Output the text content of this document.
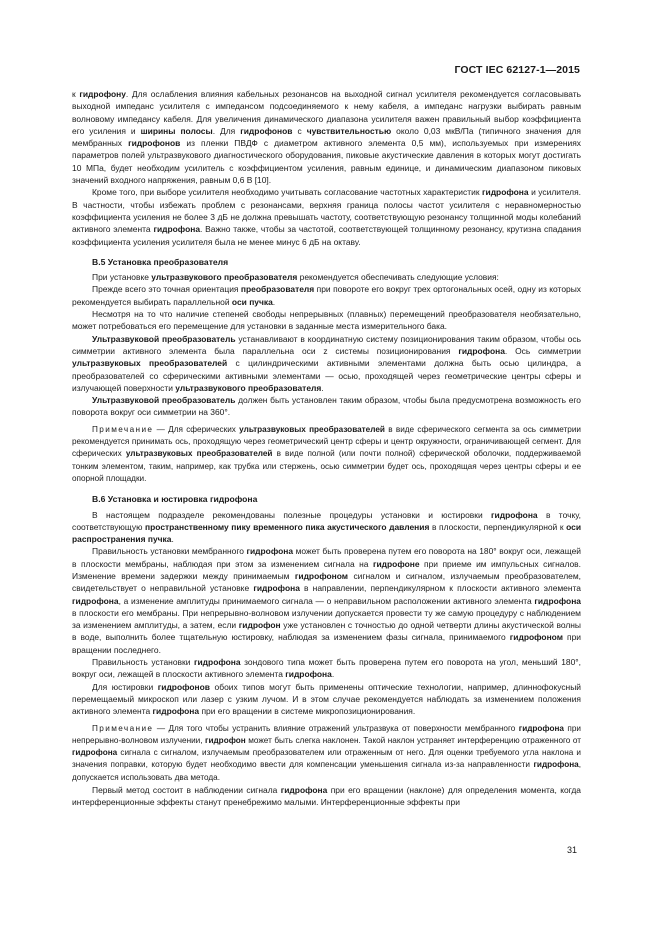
ГОСТ IEC 62127-1—2015

к гидрофону. Для ослабления влияния кабельных резонансов на выходной сигнал усилителя рекомендуется согласовывать выходной импеданс усилителя с импедансом подсоединяемого к нему кабеля, а импеданс нагрузки выбирать равным волновому импедансу кабеля. Для увеличения динамического диапазона усилителя важен правильный выбор коэффициента его усиления и ширины полосы. Для гидрофонов с чувствительностью около 0,03 мкВ/Па (типичного значения для мембранных гидрофонов из пленки ПВДФ с диаметром активного элемента 0,5 мм), используемых при измерениях параметров полей ультразвукового диагностического оборудования, пиковые акустические давления в которых могут достигать 10 МПа, будет необходим усилитель с коэффициентом усиления, равным единице, и динамическим диапазоном пиковых значений входного напряжения, равным 0,6 В [10].

Кроме того, при выборе усилителя необходимо учитывать согласование частотных характеристик гидрофона и усилителя. В частности, чтобы избежать проблем с резонансами, верхняя граница полосы частот усилителя с неравномерностью коэффициента усиления не более 3 дБ не должна превышать частоту, соответствующую резонансу толщинной моды колебаний активного элемента гидрофона. Важно также, чтобы за частотой, соответствующей толщинному резонансу, крутизна спадания коэффициента усиления усилителя была не менее минус 6 дБ на октаву.

В.5 Установка преобразователя

При установке ультразвукового преобразователя рекомендуется обеспечивать следующие условия:

Прежде всего это точная ориентация преобразователя при повороте его вокруг трех ортогональных осей, одну из которых рекомендуется выбирать параллельной оси пучка.

Несмотря на то что наличие степеней свободы непрерывных (плавных) перемещений преобразователя необязательно, может потребоваться его перемещение для установки в заданные места измерительного бака.

Ультразвуковой преобразователь устанавливают в координатную систему позиционирования таким образом, чтобы ось симметрии активного элемента была параллельна оси z системы позиционирования гидрофона. Ось симметрии ультразвуковых преобразователей с цилиндрическими активными элементами должна быть осью цилиндра, а преобразователей со сферическими активными элементами — осью, проходящей через геометрические центры сферы и излучающей поверхности ультразвукового преобразователя.

Ультразвуковой преобразователь должен быть установлен таким образом, чтобы была предусмотрена возможность его поворота вокруг оси симметрии на 360°.

Примечание — Для сферических ультразвуковых преобразователей в виде сферического сегмента за ось симметрии рекомендуется принимать ось, проходящую через геометрический центр сферы и центр окружности, ограничивающей сегмент. Для сферических ультразвуковых преобразователей в виде полной (или почти полной) сферической оболочки, поддерживаемой тонким элементом, таким, например, как трубка или стержень, осью симметрии будет ось, проходящая через центры сферы и ее опорной площадки.

В.6 Установка и юстировка гидрофона

В настоящем подразделе рекомендованы полезные процедуры установки и юстировки гидрофона в точку, соответствующую пространственному пику временного пика акустического давления в плоскости, перпендикулярной к оси распространения пучка.

Правильность установки мембранного гидрофона может быть проверена путем его поворота на 180° вокруг оси, лежащей в плоскости мембраны, наблюдая при этом за изменением сигнала на гидрофоне при приеме им импульсных сигналов. Изменение времени задержки между принимаемым гидрофоном сигналом и сигналом, излучаемым преобразователем, свидетельствует о неправильной установке гидрофона в направлении, перпендикулярном к плоскости активного элемента гидрофона, а изменение амплитуды принимаемого сигнала — о неправильном расположении активного элемента гидрофона в плоскости его мембраны. При непрерывно-волновом излучении допускается провести ту же самую процедуру с наблюдением за изменением амплитуды, а затем, если гидрофон уже установлен с точностью до одной четверти длины акустической волны в воде, выполнить более тщательную юстировку, наблюдая за изменением фазы сигнала, принимаемого гидрофоном при вращении последнего.

Правильность установки гидрофона зондового типа может быть проверена путем его поворота на угол, меньший 180°, вокруг оси, лежащей в плоскости активного элемента гидрофона.

Для юстировки гидрофонов обоих типов могут быть применены оптические технологии, например, длиннофокусный перемещаемый микроскоп или лазер с узким лучом. И в этом случае рекомендуется наблюдать за изменением положения активного элемента гидрофона при его вращении в системе микропозиционирования.

Примечание — Для того чтобы устранить влияние отражений ультразвука от поверхности мембранного гидрофона при непрерывно-волновом излучении, гидрофон может быть слегка наклонен. Такой наклон устраняет интерференцию отраженного от гидрофона сигнала с сигналом, излучаемым преобразователем или отраженным от него. Для оценки требуемого угла наклона и значения поправки, которую будет необходимо ввести для компенсации уменьшения сигнала из-за направленности гидрофона, допускается использовать два метода.

Первый метод состоит в наблюдении сигнала гидрофона при его вращении (наклоне) для определения момента, когда интерференционные эффекты станут пренебрежимо малыми. Интерференционные эффекты при

31
